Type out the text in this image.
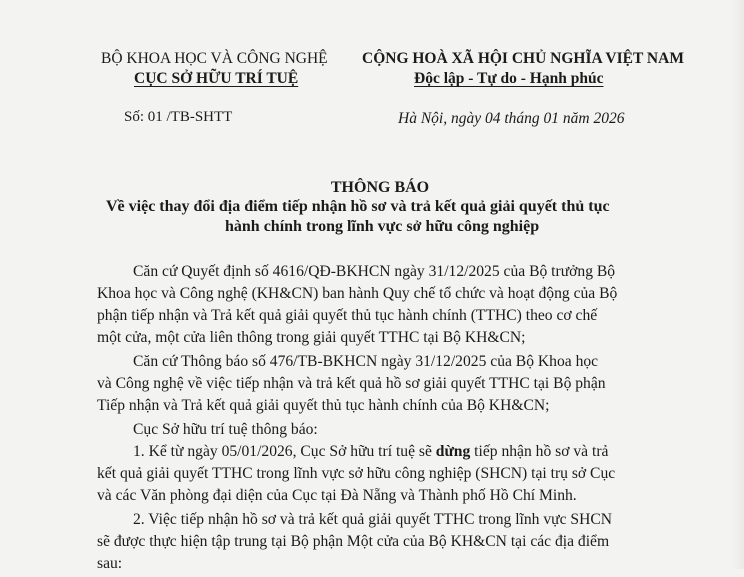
BỘ KHOA HỌC VÀ CÔNG NGHỆ
CỤC SỞ HỮU TRÍ TUỆ
Số: 01 /TB-SHTT
CỘNG HOÀ XÃ HỘI CHỦ NGHĨA VIỆT NAM
Độc lập - Tự do - Hạnh phúc
Hà Nội, ngày 04 tháng 01 năm 2026
THÔNG BÁO
Về việc thay đổi địa điểm tiếp nhận hồ sơ và trả kết quả giải quyết thủ tục
hành chính trong lĩnh vực sở hữu công nghiệp
Căn cứ Quyết định số 4616/QĐ-BKHCN ngày 31/12/2025 của Bộ trưởng Bộ
Khoa học và Công nghệ (KH&CN) ban hành Quy chế tổ chức và hoạt động của Bộ
phận tiếp nhận và Trả kết quả giải quyết thủ tục hành chính (TTHC) theo cơ chế
một cửa, một cửa liên thông trong giải quyết TTHC tại Bộ KH&CN;
Căn cứ Thông báo số 476/TB-BKHCN ngày 31/12/2025 của Bộ Khoa học
và Công nghệ về việc tiếp nhận và trả kết quả hồ sơ giải quyết TTHC tại Bộ phận
Tiếp nhận và Trả kết quả giải quyết thủ tục hành chính của Bộ KH&CN;
Cục Sở hữu trí tuệ thông báo:
1. Kể từ ngày 05/01/2026, Cục Sở hữu trí tuệ sẽ dừng tiếp nhận hồ sơ và trả
kết quả giải quyết TTHC trong lĩnh vực sở hữu công nghiệp (SHCN) tại trụ sở Cục
và các Văn phòng đại diện của Cục tại Đà Nẵng và Thành phố Hồ Chí Minh.
2. Việc tiếp nhận hồ sơ và trả kết quả giải quyết TTHC trong lĩnh vực SHCN
sẽ được thực hiện tập trung tại Bộ phận Một cửa của Bộ KH&CN tại các địa điểm
sau:
